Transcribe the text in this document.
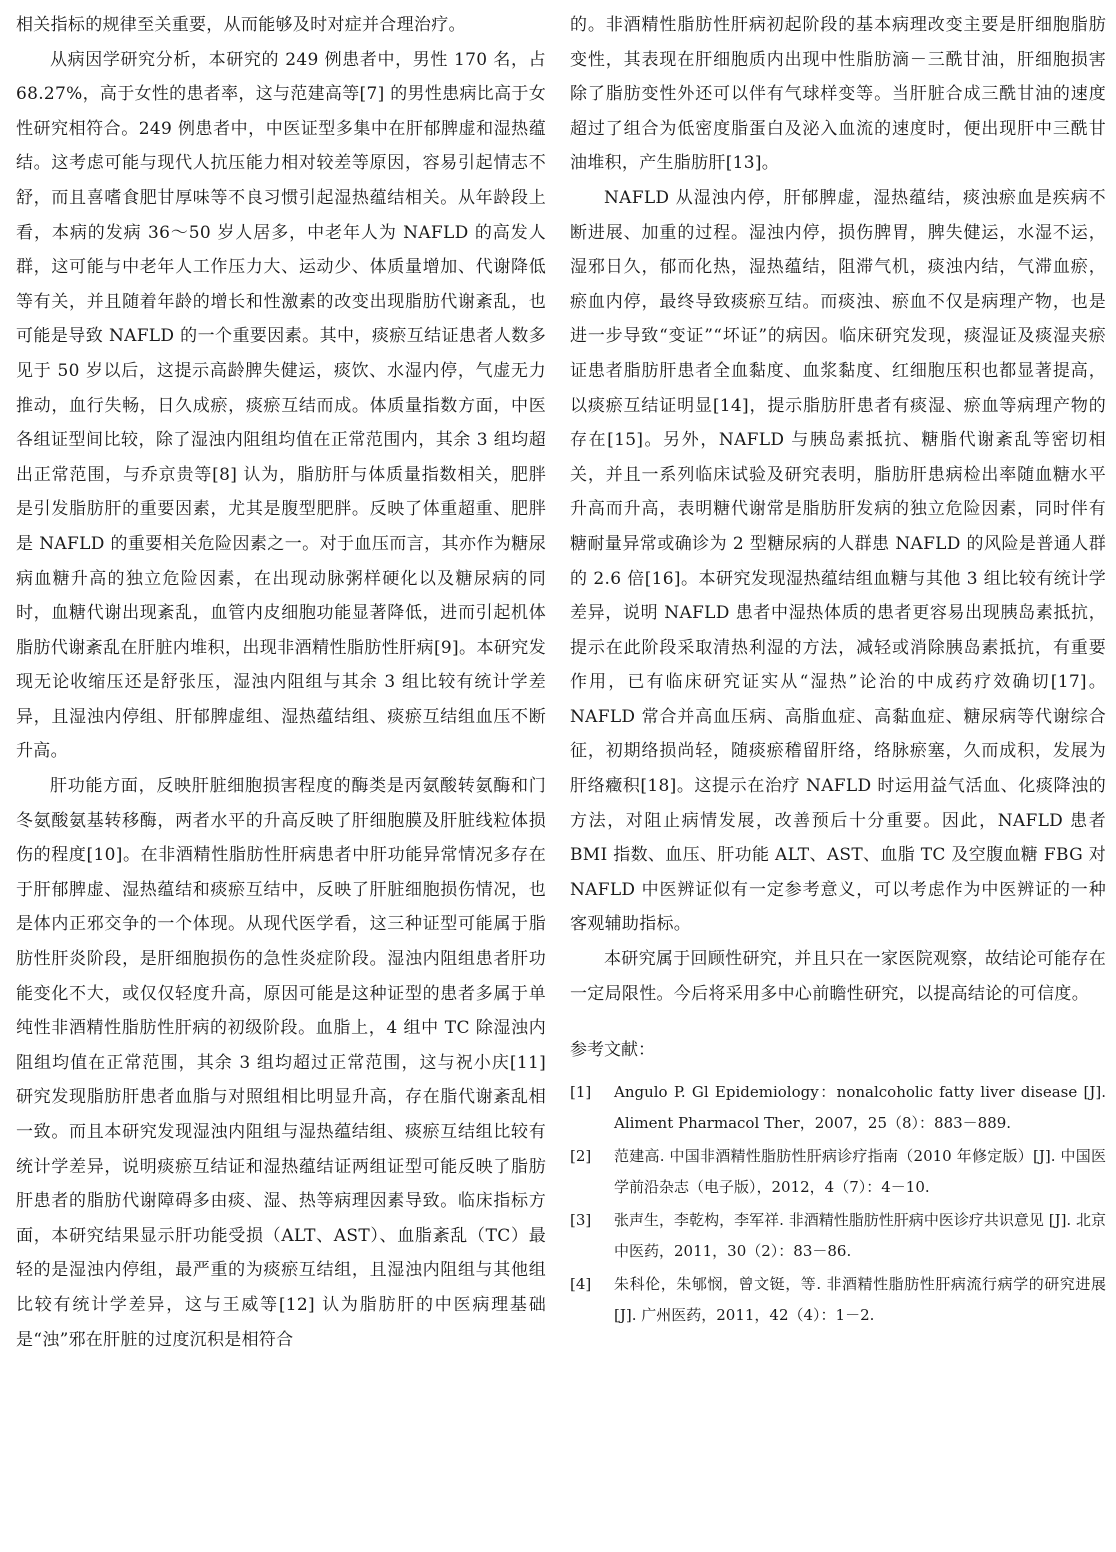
相关指标的规律至关重要，从而能够及时对症并合理治疗。

从病因学研究分析，本研究的 249 例患者中，男性 170 名，占 68.27%，高于女性的患者率，这与范建高等[7] 的男性患病比高于女性研究相符合。249 例患者中，中医证型多集中在肝郁脾虚和湿热蕴结。这考虑可能与现代人抗压能力相对较差等原因，容易引起情志不舒，而且喜嗜食肥甘厚味等不良习惯引起湿热蕴结相关。从年龄段上看，本病的发病 36～50 岁人居多，中老年人为 NAFLD 的高发人群，这可能与中老年人工作压力大、运动少、体质量增加、代谢降低等有关，并且随着年龄的增长和性激素的改变出现脂肪代谢紊乱，也可能是导致 NAFLD 的一个重要因素。其中，痰瘀互结证患者人数多见于 50 岁以后，这提示高龄脾失健运，痰饮、水湿内停，气虚无力推动，血行失畅，日久成瘀，痰瘀互结而成。体质量指数方面，中医各组证型间比较，除了湿浊内阻组均值在正常范围内，其余 3 组均超出正常范围，与乔京贵等[8] 认为，脂肪肝与体质量指数相关，肥胖是引发脂肪肝的重要因素，尤其是腹型肥胖。反映了体重超重、肥胖是 NAFLD 的重要相关危险因素之一。对于血压而言，其亦作为糖尿病血糖升高的独立危险因素，在出现动脉粥样硬化以及糖尿病的同时，血糖代谢出现紊乱，血管内皮细胞功能显著降低，进而引起机体脂肪代谢紊乱在肝脏内堆积，出现非酒精性脂肪性肝病[9]。本研究发现无论收缩压还是舒张压，湿浊内阻组与其余 3 组比较有统计学差异，且湿浊内停组、肝郁脾虚组、湿热蕴结组、痰瘀互结组血压不断升高。

肝功能方面，反映肝脏细胞损害程度的酶类是丙氨酸转氨酶和门冬氨酸氨基转移酶，两者水平的升高反映了肝细胞膜及肝脏线粒体损伤的程度[10]。在非酒精性脂肪性肝病患者中肝功能异常情况多存在于肝郁脾虚、湿热蕴结和痰瘀互结中，反映了肝脏细胞损伤情况，也是体内正邪交争的一个体现。从现代医学看，这三种证型可能属于脂肪性肝炎阶段，是肝细胞损伤的急性炎症阶段。湿浊内阻组患者肝功能变化不大，或仅仅轻度升高，原因可能是这种证型的患者多属于单纯性非酒精性脂肪性肝病的初级阶段。血脂上，4 组中 TC 除湿浊内阻组均值在正常范围，其余 3 组均超过正常范围，这与祝小庆[11] 研究发现脂肪肝患者血脂与对照组相比明显升高，存在脂代谢紊乱相一致。而且本研究发现湿浊内阻组与湿热蕴结组、痰瘀互结组比较有统计学差异，说明痰瘀互结证和湿热蕴结证两组证型可能反映了脂肪肝患者的脂肪代谢障碍多由痰、湿、热等病理因素导致。临床指标方面，本研究结果显示肝功能受损（ALT、AST）、血脂紊乱（TC）最轻的是湿浊内停组，最严重的为痰瘀互结组，且湿浊内阻组与其他组比较有统计学差异，这与王威等[12] 认为脂肪肝的中医病理基础是“浊”邪在肝脏的过度沉积是相符合

的。非酒精性脂肪性肝病初起阶段的基本病理改变主要是肝细胞脂肪变性，其表现在肝细胞质内出现中性脂肪滴－三酰甘油，肝细胞损害除了脂肪变性外还可以伴有气球样变等。当肝脏合成三酰甘油的速度超过了组合为低密度脂蛋白及泌入血流的速度时，便出现肝中三酰甘油堆积，产生脂肪肝[13]。

NAFLD 从湿浊内停，肝郁脾虚，湿热蕴结，痰浊瘀血是疾病不断进展、加重的过程。湿浊内停，损伤脾胃，脾失健运，水湿不运，湿邪日久，郁而化热，湿热蕴结，阻滞气机，痰浊内结，气滞血瘀，瘀血内停，最终导致痰瘀互结。而痰浊、瘀血不仅是病理产物，也是进一步导致“变证”“坏证”的病因。临床研究发现，痰湿证及痰湿夹瘀证患者脂肪肝患者全血黏度、血浆黏度、红细胞压积也都显著提高，以痰瘀互结证明显[14]，提示脂肪肝患者有痰湿、瘀血等病理产物的存在[15]。另外，NAFLD 与胰岛素抵抗、糖脂代谢紊乱等密切相关，并且一系列临床试验及研究表明，脂肪肝患病检出率随血糖水平升高而升高，表明糖代谢常是脂肪肝发病的独立危险因素，同时伴有糖耐量异常或确诊为 2 型糖尿病的人群患 NAFLD 的风险是普通人群的 2.6 倍[16]。本研究发现湿热蕴结组血糖与其他 3 组比较有统计学差异，说明 NAFLD 患者中湿热体质的患者更容易出现胰岛素抵抗，提示在此阶段采取清热利湿的方法，减轻或消除胰岛素抵抗，有重要作用，已有临床研究证实从“湿热”论治的中成药疗效确切[17]。NAFLD 常合并高血压病、高脂血症、高黏血症、糖尿病等代谢综合征，初期络损尚轻，随痰瘀稽留肝络，络脉瘀塞，久而成积，发展为肝络癥积[18]。这提示在治疗 NAFLD 时运用益气活血、化痰降浊的方法，对阻止病情发展，改善预后十分重要。因此，NAFLD 患者 BMI 指数、血压、肝功能 ALT、AST、血脂 TC 及空腹血糖 FBG 对 NAFLD 中医辨证似有一定参考意义，可以考虑作为中医辨证的一种客观辅助指标。

本研究属于回顾性研究，并且只在一家医院观察，故结论可能存在一定局限性。今后将采用多中心前瞻性研究，以提高结论的可信度。

参考文献：
[1]	Angulo P. Gl Epidemiology：nonalcoholic fatty liver disease [J]. Aliment Pharmacol Ther，2007，25（8）：883－889.
[2]	范建高. 中国非酒精性脂肪性肝病诊疗指南（2010 年修定版）[J]. 中国医学前沿杂志（电子版），2012，4（7）：4－10.
[3]	张声生，李乾构，李军祥. 非酒精性脂肪性肝病中医诊疗共识意见 [J]. 北京中医药，2011，30（2）：83－86.
[4]	朱科伦，朱郇悯，曾文铤，等. 非酒精性脂肪性肝病流行病学的研究进展 [J]. 广州医药，2011，42（4）：1－2.
